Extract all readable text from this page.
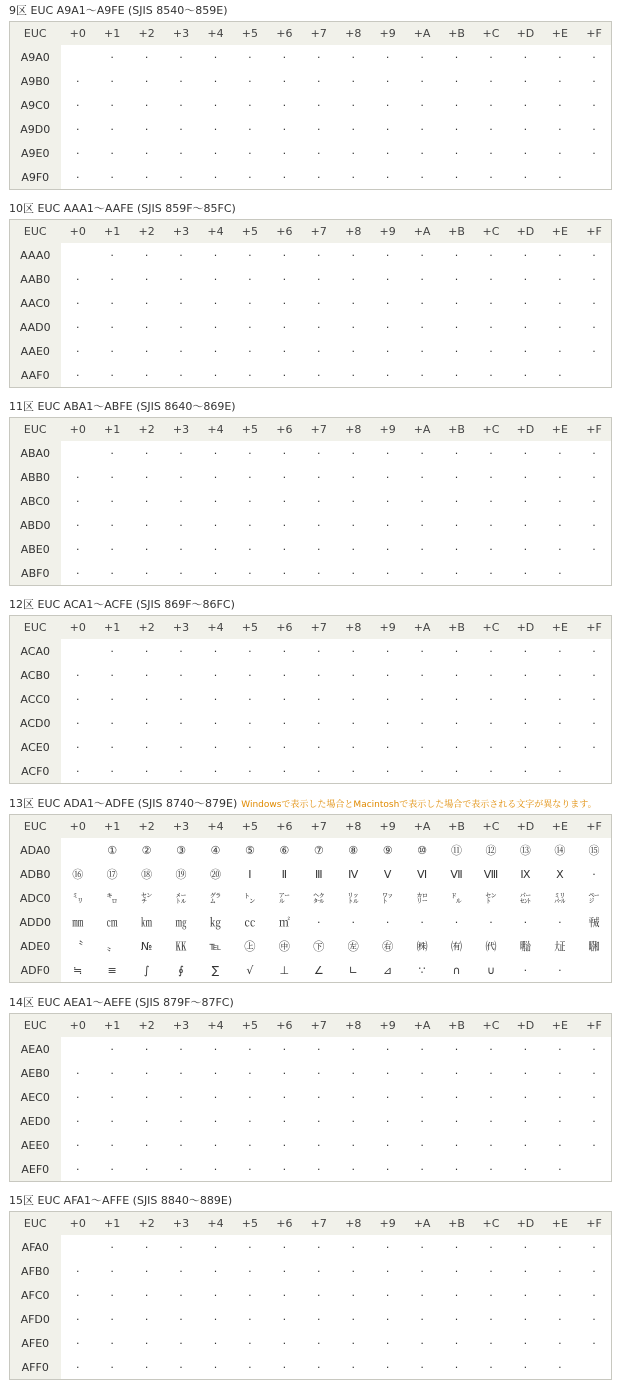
9区 EUC A9A1～A9FE (SJIS 8540～859E)
EUC	+0	+1	+2	+3	+4	+5	+6	+7	+8	+9	+A	+B	+C	+D	+E	+F
A9A0		·	·	·	·	·	·	·	·	·	·	·	·	·	·	·
A9B0	·	·	·	·	·	·	·	·	·	·	·	·	·	·	·	·
A9C0	·	·	·	·	·	·	·	·	·	·	·	·	·	·	·	·
A9D0	·	·	·	·	·	·	·	·	·	·	·	·	·	·	·	·
A9E0	·	·	·	·	·	·	·	·	·	·	·	·	·	·	·	·
A9F0	·	·	·	·	·	·	·	·	·	·	·	·	·	·	·	
10区 EUC AAA1～AAFE (SJIS 859F～85FC)
EUC	+0	+1	+2	+3	+4	+5	+6	+7	+8	+9	+A	+B	+C	+D	+E	+F
AAA0		·	·	·	·	·	·	·	·	·	·	·	·	·	·	·
AAB0	·	·	·	·	·	·	·	·	·	·	·	·	·	·	·	·
AAC0	·	·	·	·	·	·	·	·	·	·	·	·	·	·	·	·
AAD0	·	·	·	·	·	·	·	·	·	·	·	·	·	·	·	·
AAE0	·	·	·	·	·	·	·	·	·	·	·	·	·	·	·	·
AAF0	·	·	·	·	·	·	·	·	·	·	·	·	·	·	·	
11区 EUC ABA1～ABFE (SJIS 8640～869E)
EUC	+0	+1	+2	+3	+4	+5	+6	+7	+8	+9	+A	+B	+C	+D	+E	+F
ABA0		·	·	·	·	·	·	·	·	·	·	·	·	·	·	·
ABB0	·	·	·	·	·	·	·	·	·	·	·	·	·	·	·	·
ABC0	·	·	·	·	·	·	·	·	·	·	·	·	·	·	·	·
ABD0	·	·	·	·	·	·	·	·	·	·	·	·	·	·	·	·
ABE0	·	·	·	·	·	·	·	·	·	·	·	·	·	·	·	·
ABF0	·	·	·	·	·	·	·	·	·	·	·	·	·	·	·	
12区 EUC ACA1～ACFE (SJIS 869F～86FC)
EUC	+0	+1	+2	+3	+4	+5	+6	+7	+8	+9	+A	+B	+C	+D	+E	+F
ACA0		·	·	·	·	·	·	·	·	·	·	·	·	·	·	·
ACB0	·	·	·	·	·	·	·	·	·	·	·	·	·	·	·	·
ACC0	·	·	·	·	·	·	·	·	·	·	·	·	·	·	·	·
ACD0	·	·	·	·	·	·	·	·	·	·	·	·	·	·	·	·
ACE0	·	·	·	·	·	·	·	·	·	·	·	·	·	·	·	·
ACF0	·	·	·	·	·	·	·	·	·	·	·	·	·	·	·	
13区 EUC ADA1～ADFE (SJIS 8740～879E) Windowsで表示した場合とMacintoshで表示した場合で表示される文字が異なります。
EUC	+0	+1	+2	+3	+4	+5	+6	+7	+8	+9	+A	+B	+C	+D	+E	+F
ADA0		①	②	③	④	⑤	⑥	⑦	⑧	⑨	⑩	⑪	⑫	⑬	⑭	⑮
ADB0	⑯	⑰	⑱	⑲	⑳	Ⅰ	Ⅱ	Ⅲ	Ⅳ	Ⅴ	Ⅵ	Ⅶ	Ⅷ	Ⅸ	Ⅹ	·
ADC0	㍉	㌔	㌢	㍍	㌘	㌧	㌃	㌶	㍑	㍗	㌍	㌦	㌣	㌫	㍊	㌻
ADD0	㎜	㎝	㎞	㎎	㎏	㏄	㎡	·	·	·	·	·	·	·	·	㍻
ADE0	〝	〟	№	㏍	℡	㊤	㊥	㊦	㊧	㊨	㈱	㈲	㈹	㍾	㍽	㍼
ADF0	≒	≡	∫	∮	∑	√	⊥	∠	∟	⊿	∵	∩	∪	·	·	
14区 EUC AEA1～AEFE (SJIS 879F～87FC)
EUC	+0	+1	+2	+3	+4	+5	+6	+7	+8	+9	+A	+B	+C	+D	+E	+F
AEA0		·	·	·	·	·	·	·	·	·	·	·	·	·	·	·
AEB0	·	·	·	·	·	·	·	·	·	·	·	·	·	·	·	·
AEC0	·	·	·	·	·	·	·	·	·	·	·	·	·	·	·	·
AED0	·	·	·	·	·	·	·	·	·	·	·	·	·	·	·	·
AEE0	·	·	·	·	·	·	·	·	·	·	·	·	·	·	·	·
AEF0	·	·	·	·	·	·	·	·	·	·	·	·	·	·	·	
15区 EUC AFA1～AFFE (SJIS 8840～889E)
EUC	+0	+1	+2	+3	+4	+5	+6	+7	+8	+9	+A	+B	+C	+D	+E	+F
AFA0		·	·	·	·	·	·	·	·	·	·	·	·	·	·	·
AFB0	·	·	·	·	·	·	·	·	·	·	·	·	·	·	·	·
AFC0	·	·	·	·	·	·	·	·	·	·	·	·	·	·	·	·
AFD0	·	·	·	·	·	·	·	·	·	·	·	·	·	·	·	·
AFE0	·	·	·	·	·	·	·	·	·	·	·	·	·	·	·	·
AFF0	·	·	·	·	·	·	·	·	·	·	·	·	·	·	·	
